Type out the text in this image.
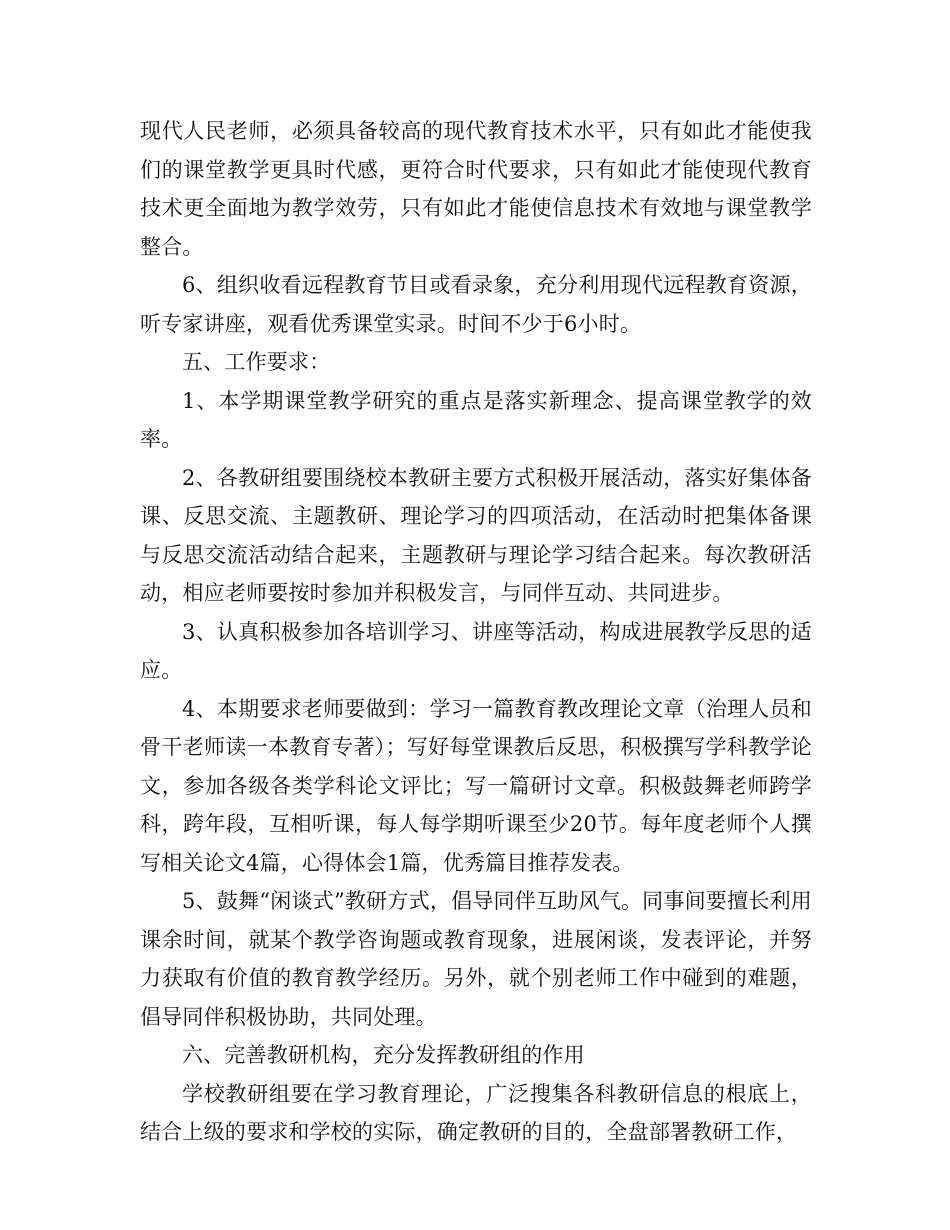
现代人民老师，必须具备较高的现代教育技术水平，只有如此才能使我们的课堂教学更具时代感，更符合时代要求，只有如此才能使现代教育技术更全面地为教学效劳，只有如此才能使信息技术有效地与课堂教学整合。

6、组织收看远程教育节目或看录象，充分利用现代远程教育资源，听专家讲座，观看优秀课堂实录。时间不少于6小时。

五、工作要求：

1、本学期课堂教学研究的重点是落实新理念、提高课堂教学的效率。

2、各教研组要围绕校本教研主要方式积极开展活动，落实好集体备课、反思交流、主题教研、理论学习的四项活动，在活动时把集体备课与反思交流活动结合起来，主题教研与理论学习结合起来。每次教研活动，相应老师要按时参加并积极发言，与同伴互动、共同进步。

3、认真积极参加各培训学习、讲座等活动，构成进展教学反思的适应。

4、本期要求老师要做到：学习一篇教育教改理论文章（治理人员和骨干老师读一本教育专著）；写好每堂课教后反思，积极撰写学科教学论文，参加各级各类学科论文评比；写一篇研讨文章。积极鼓舞老师跨学科，跨年段，互相听课，每人每学期听课至少20节。每年度老师个人撰写相关论文4篇，心得体会1篇，优秀篇目推荐发表。

5、鼓舞“闲谈式”教研方式，倡导同伴互助风气。同事间要擅长利用课余时间，就某个教学咨询题或教育现象，进展闲谈，发表评论，并努力获取有价值的教育教学经历。另外，就个别老师工作中碰到的难题，倡导同伴积极协助，共同处理。

六、完善教研机构，充分发挥教研组的作用

学校教研组要在学习教育理论，广泛搜集各科教研信息的根底上，结合上级的要求和学校的实际，确定教研的目的，全盘部署教研工作，
